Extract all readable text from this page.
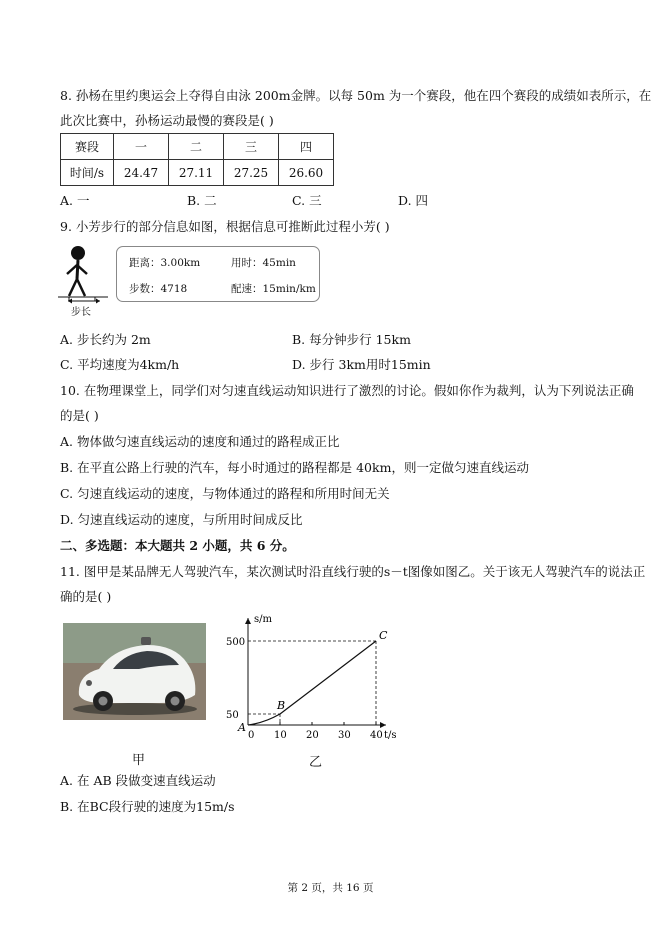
8. 孙杨在里约奥运会上夺得自由泳 200m金牌。以每 50m 为一个赛段，他在四个赛段的成绩如表所示，在
此次比赛中，孙杨运动最慢的赛段是( )
赛段	一	二	三	四
时间/s	24.47	27.11	27.25	26.60
A. 一	B. 二	C. 三	D. 四
9. 小芳步行的部分信息如图，根据信息可推断此过程小芳( )
步长
距离：3.00km	用时：45min
步数：4718	配速：15min/km
A. 步长约为 2m	B. 每分钟步行 15km
C. 平均速度为4km/h	D. 步行 3km用时15min
10. 在物理课堂上，同学们对匀速直线运动知识进行了激烈的讨论。假如你作为裁判，认为下列说法正确
的是( )
A. 物体做匀速直线运动的速度和通过的路程成正比
B. 在平直公路上行驶的汽车，每小时通过的路程都是 40km，则一定做匀速直线运动
C. 匀速直线运动的速度，与物体通过的路程和所用时间无关
D. 匀速直线运动的速度，与所用时间成反比
二、多选题：本大题共 2 小题，共 6 分。
11. 图甲是某品牌无人驾驶汽车，某次测试时沿直线行驶的s－t图像如图乙。关于该无人驾驶汽车的说法正
确的是( )
甲
10 20 30 40
50
500
s/m
t/s
0
A
B
C
乙
A. 在 AB 段做变速直线运动
B. 在BC段行驶的速度为15m/s
第 2 页，共 16 页
